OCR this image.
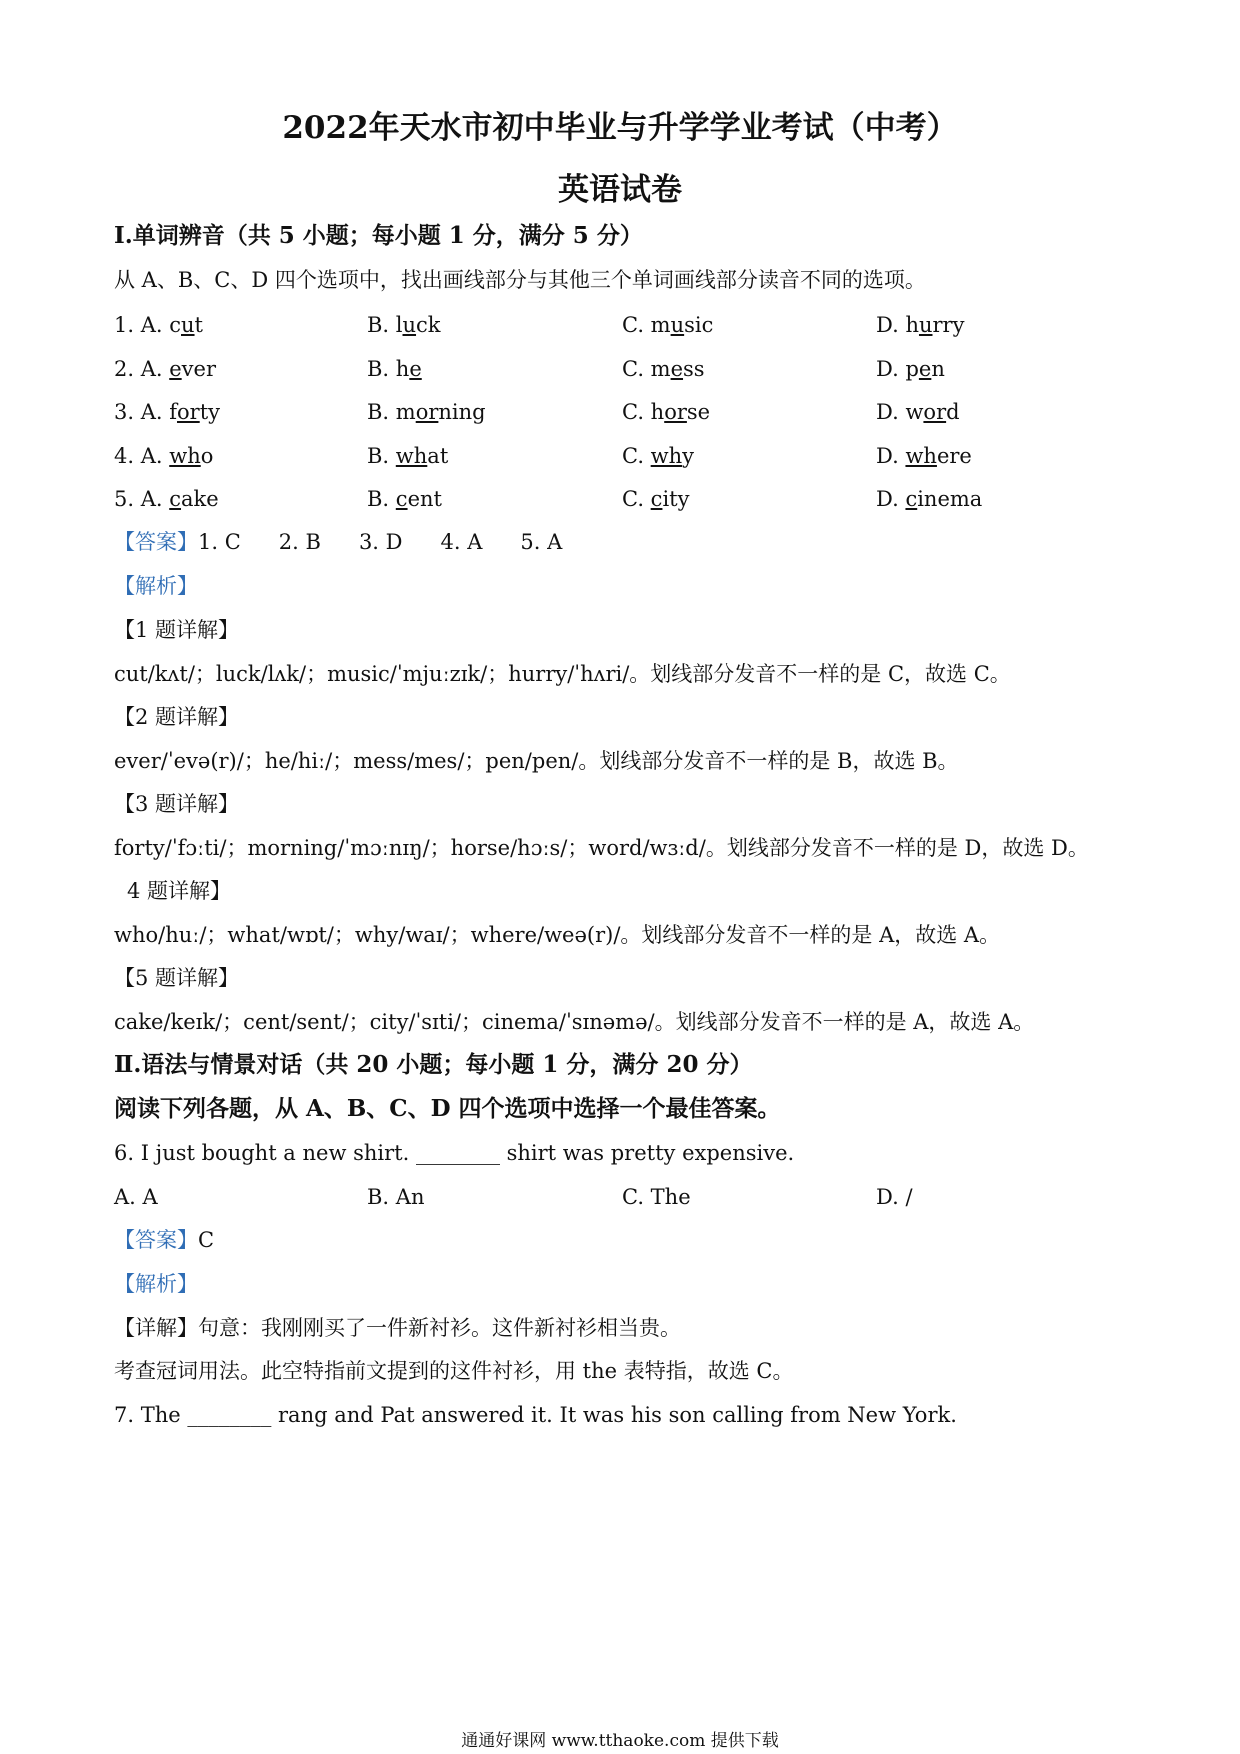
2022年天水市初中毕业与升学学业考试（中考）
英语试卷
Ⅰ.单词辨音（共 5 小题；每小题 1 分，满分 5 分）
从 A、B、C、D 四个选项中，找出画线部分与其他三个单词画线部分读音不同的选项。
1. A. cut	B. luck	C. music	D. hurry
2. A. ever	B. he	C. mess	D. pen
3. A. forty	B. morning	C. horse	D. word
4. A. who	B. what	C. why	D. where
5. A. cake	B. cent	C. city	D. cinema
【答案】1. C 2. B 3. D 4. A 5. A
【解析】
【1 题详解】
cut/kʌt/；luck/lʌk/；music/ˈmjuːzɪk/；hurry/ˈhʌri/。划线部分发音不一样的是 C，故选 C。
【2 题详解】
ever/ˈevə(r)/；he/hiː/；mess/mes/；pen/pen/。划线部分发音不一样的是 B，故选 B。
【3 题详解】
forty/ˈfɔːti/；morning/ˈmɔːnɪŋ/；horse/hɔːs/；word/wɜːd/。划线部分发音不一样的是 D，故选 D。
4 题详解】
who/huː/；what/wɒt/；why/waɪ/；where/weə(r)/。划线部分发音不一样的是 A，故选 A。
【5 题详解】
cake/keɪk/；cent/sent/；city/ˈsɪti/；cinema/ˈsɪnəmə/。划线部分发音不一样的是 A，故选 A。
Ⅱ.语法与情景对话（共 20 小题；每小题 1 分，满分 20 分）
阅读下列各题，从 A、B、C、D 四个选项中选择一个最佳答案。
6. I just bought a new shirt. ________ shirt was pretty expensive.
A. A	B. An	C. The	D. /
【答案】C
【解析】
【详解】句意：我刚刚买了一件新衬衫。这件新衬衫相当贵。
考查冠词用法。此空特指前文提到的这件衬衫，用 the 表特指，故选 C。
7. The ________ rang and Pat answered it. It was his son calling from New York.
通通好课网 www.tthaoke.com 提供下载
